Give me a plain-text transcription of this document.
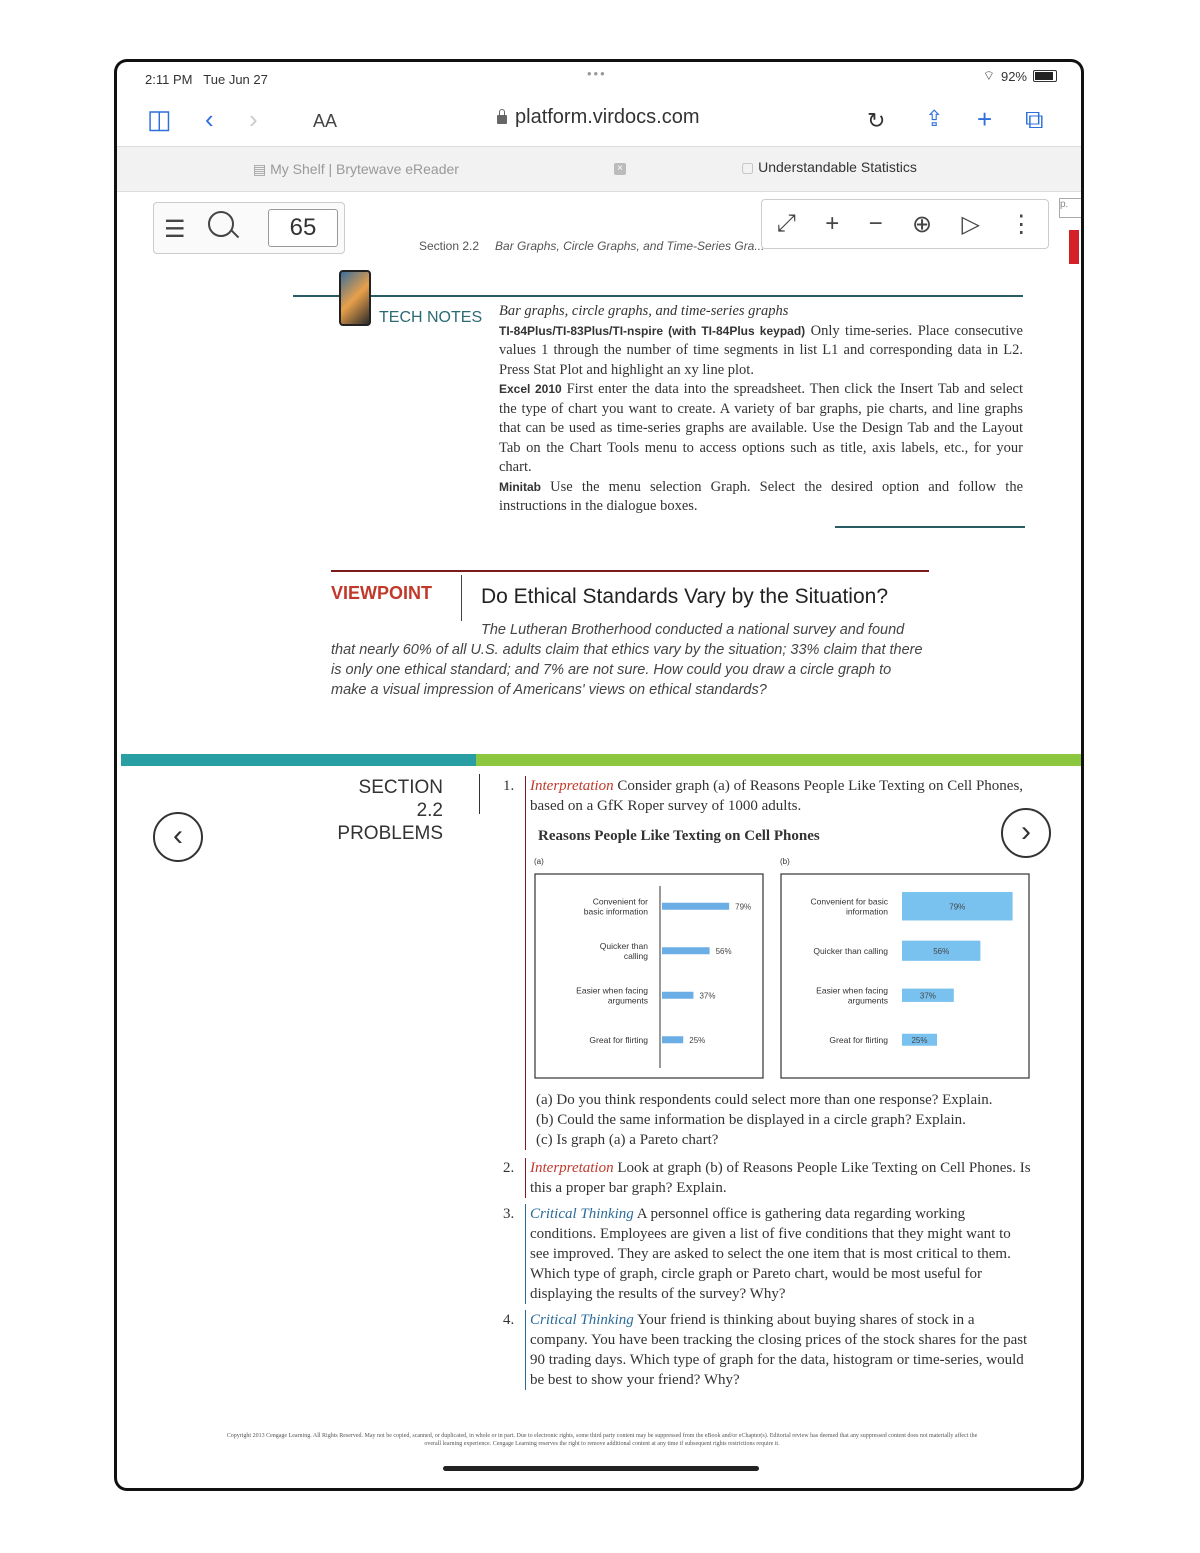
2:11 PM Tue Jun 27	•••	⌔ 92%
◫ ‹ ›	AA	platform.virdocs.com	↻ ⇪ + ⧉
▤ My Shelf | Brytewave eReader	×	▢ Understandable Statistics
☰	65	⤢ + − ⊕ ▷ ⋮
p.
Section 2.2 Bar Graphs, Circle Graphs, and Time-Series Gra...
TECH NOTES Bar graphs, circle graphs, and time-series graphs
TI-84Plus/TI-83Plus/TI-nspire (with TI-84Plus keypad) Only time-series. Place consecutive values 1 through the number of time segments in list L1 and corresponding data in L2. Press Stat Plot and highlight an xy line plot.
Excel 2010 First enter the data into the spreadsheet. Then click the Insert Tab and select the type of chart you want to create. A variety of bar graphs, pie charts, and line graphs that can be used as time-series graphs are available. Use the Design Tab and the Layout Tab on the Chart Tools menu to access options such as title, axis labels, etc., for your chart.
Minitab Use the menu selection Graph. Select the desired option and follow the instructions in the dialogue boxes.
VIEWPOINT Do Ethical Standards Vary by the Situation?
The Lutheran Brotherhood conducted a national survey and found that nearly 60% of all U.S. adults claim that ethics vary by the situation; 33% claim that there is only one ethical standard; and 7% are not sure. How could you draw a circle graph to make a visual impression of Americans' views on ethical standards?
SECTION 2.2
PROBLEMS
‹	›
1.	Interpretation Consider graph (a) of Reasons People Like Texting on Cell Phones, based on a GfK Roper survey of 1000 adults.
Reasons People Like Texting on Cell Phones
(a)
Convenient for
basic information	79%
Quicker than
calling	56%
Easier when facing
arguments	37%
Great for flirting	25%
(b)
Convenient for basic
information	79%
Quicker than calling	56%
Easier when facing
arguments	37%
Great for flirting	25%
(a) Do you think respondents could select more than one response? Explain.
(b) Could the same information be displayed in a circle graph? Explain.
(c) Is graph (a) a Pareto chart?
2.	Interpretation Look at graph (b) of Reasons People Like Texting on Cell Phones. Is this a proper bar graph? Explain.
3.	Critical Thinking A personnel office is gathering data regarding working conditions. Employees are given a list of five conditions that they might want to see improved. They are asked to select the one item that is most critical to them. Which type of graph, circle graph or Pareto chart, would be most useful for displaying the results of the survey? Why?
4.	Critical Thinking Your friend is thinking about buying shares of stock in a company. You have been tracking the closing prices of the stock shares for the past 90 trading days. Which type of graph for the data, histogram or time-series, would be best to show your friend? Why?
Copyright 2013 Cengage Learning. All Rights Reserved. May not be copied, scanned, or duplicated, in whole or in part. Due to electronic rights, some third party content may be suppressed from the eBook and/or eChapter(s). Editorial review has deemed that any suppressed content does not materially affect the overall learning experience. Cengage Learning reserves the right to remove additional content at any time if subsequent rights restrictions require it.
